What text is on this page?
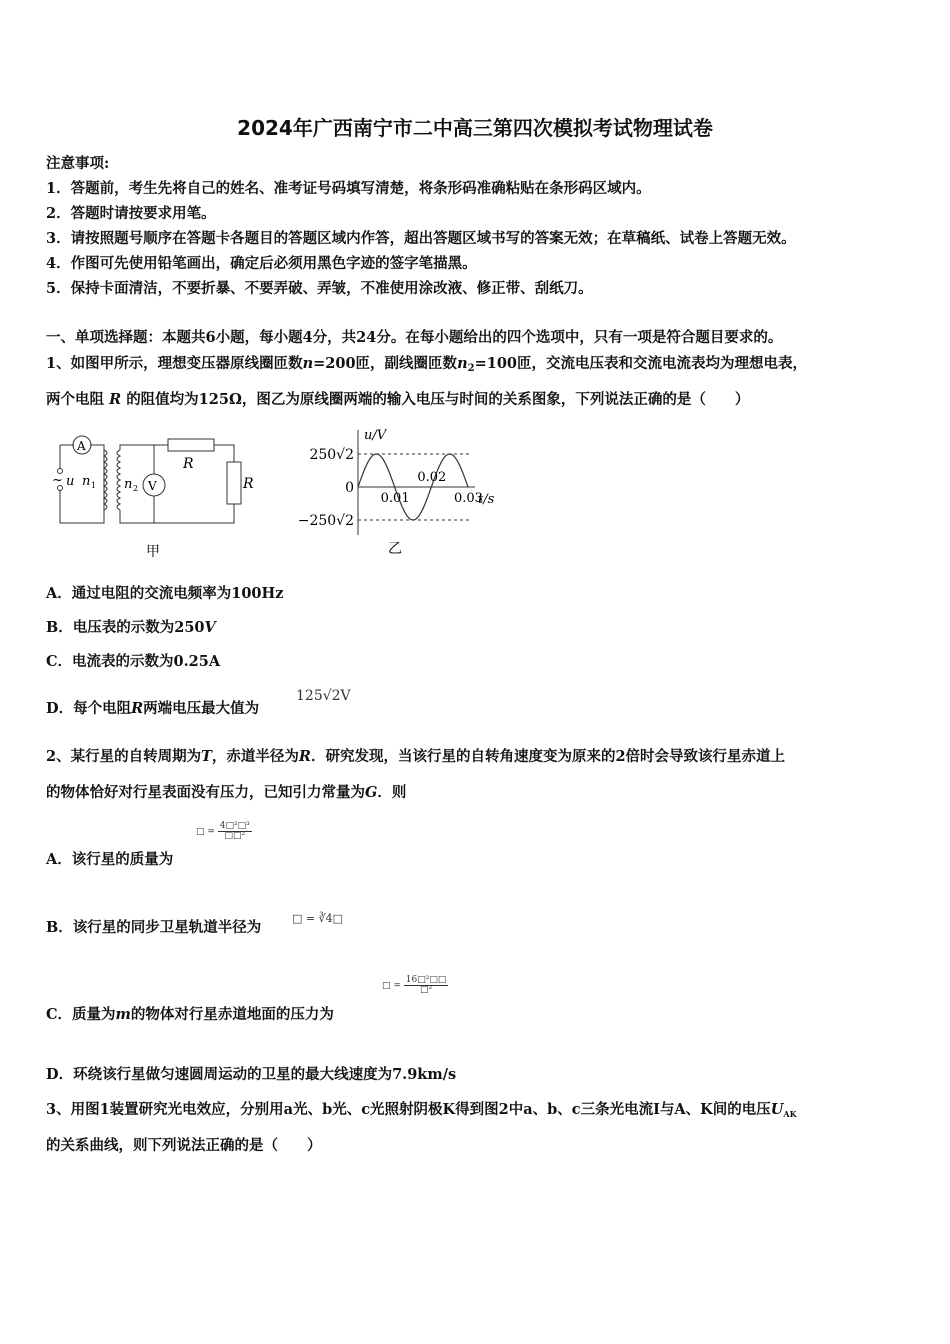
2024年广西南宁市二中高三第四次模拟考试物理试卷
注意事项:
1．答题前，考生先将自己的姓名、准考证号码填写清楚，将条形码准确粘贴在条形码区域内。
2．答题时请按要求用笔。
3．请按照题号顺序在答题卡各题目的答题区域内作答，超出答题区域书写的答案无效；在草稿纸、试卷上答题无效。
4．作图可先使用铅笔画出，确定后必须用黑色字迹的签字笔描黑。
5．保持卡面清洁，不要折暴、不要弄破、弄皱，不准使用涂改液、修正带、刮纸刀。
一、单项选择题：本题共6小题，每小题4分，共24分。在每小题给出的四个选项中，只有一项是符合题目要求的。
1、如图甲所示，理想变压器原线圈匝数n=200匝，副线圈匝数$n_2=100$匝，交流电压表和交流电流表均为理想电表，
两个电阻 R 的阻值均为125Ω，图乙为原线圈两端的输入电压与时间的关系图象，下列说法正确的是（　　）
A
V
~ u n 1 n 2
R
R
甲
u/V
t/s
0.01
0.02
0.03
250√2
0
−250√2
乙
A．通过电阻的交流电频率为100Hz
B．电压表的示数为250V
C．电流表的示数为0.25A
D．每个电阻R两端电压最大值为
125√2V
2、某行星的自转周期为T，赤道半径为R．研究发现，当该行星的自转角速度变为原来的2倍时会导致该行星赤道上
的物体恰好对行星表面没有压力，已知引力常量为G．则
A．该行星的质量为
□ = $\frac{\text{4□²□³}}{\text{□□²}}$
B．该行星的同步卫星轨道半径为
□ = ∛4□
C．质量为m的物体对行星赤道地面的压力为
□ = $\frac{\text{16□²□□}}{\text{□²}}$
D．环绕该行星做匀速圆周运动的卫星的最大线速度为7.9km/s
3、用图1装置研究光电效应，分别用a光、b光、c光照射阴极K得到图2中a、b、c三条光电流I与A、K间的电压$U_{AK}$
的关系曲线，则下列说法正确的是（　　）
